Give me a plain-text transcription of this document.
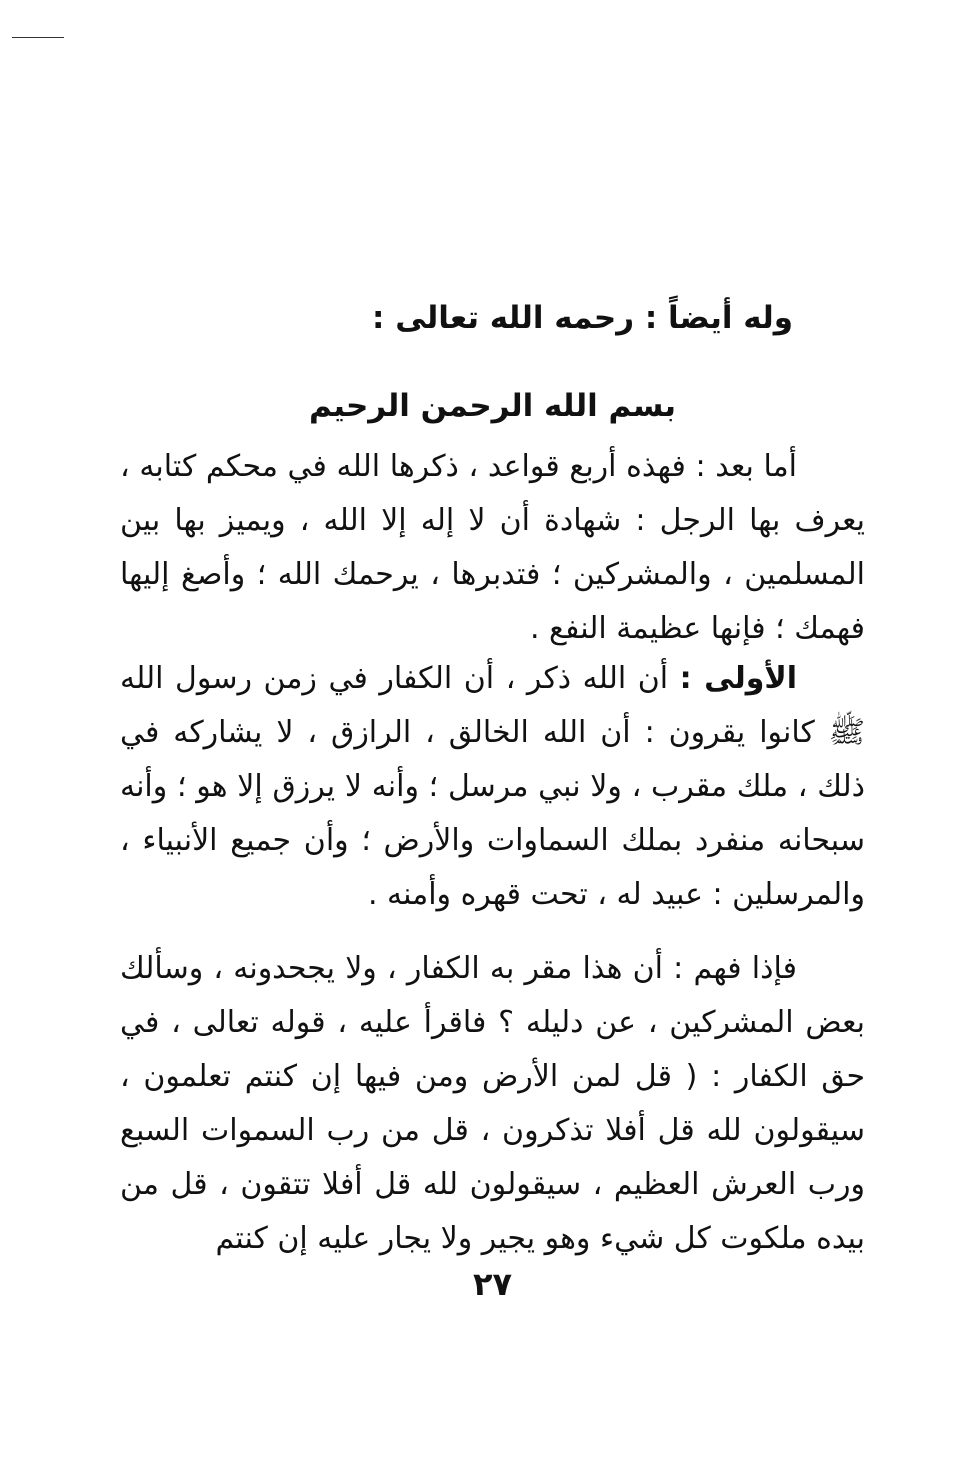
وله أيضاً : رحمه الله تعالى :
بسم الله الرحمن الرحيم

أما بعد : فهذه أربع قواعد ، ذكرها الله في محكم كتابه ، يعرف بها الرجل : شهادة أن لا إله إلا الله ، ويميز بها بين المسلمين ، والمشركين ؛ فتدبرها ، يرحمك الله ؛ وأصغ إليها فهمك ؛ فإنها عظيمة النفع .

الأولى : أن الله ذكر ، أن الكفار في زمن رسول الله ﷺ كانوا يقرون : أن الله الخالق ، الرازق ، لا يشاركه في ذلك ، ملك مقرب ، ولا نبي مرسل ؛ وأنه لا يرزق إلا هو ؛ وأنه سبحانه منفرد بملك السماوات والأرض ؛ وأن جميع الأنبياء ، والمرسلين : عبيد له ، تحت قهره وأمنه .

فإذا فهم : أن هذا مقر به الكفار ، ولا يجحدونه ، وسألك بعض المشركين ، عن دليله ؟ فاقرأ عليه ، قوله تعالى ، في حق الكفار : ( قل لمن الأرض ومن فيها إن كنتم تعلمون ، سيقولون لله قل أفلا تذكرون ، قل من رب السموات السبع ورب العرش العظيم ، سيقولون لله قل أفلا تتقون ، قل من بيده ملكوت كل شيء وهو يجير ولا يجار عليه إن كنتم

٢٧
